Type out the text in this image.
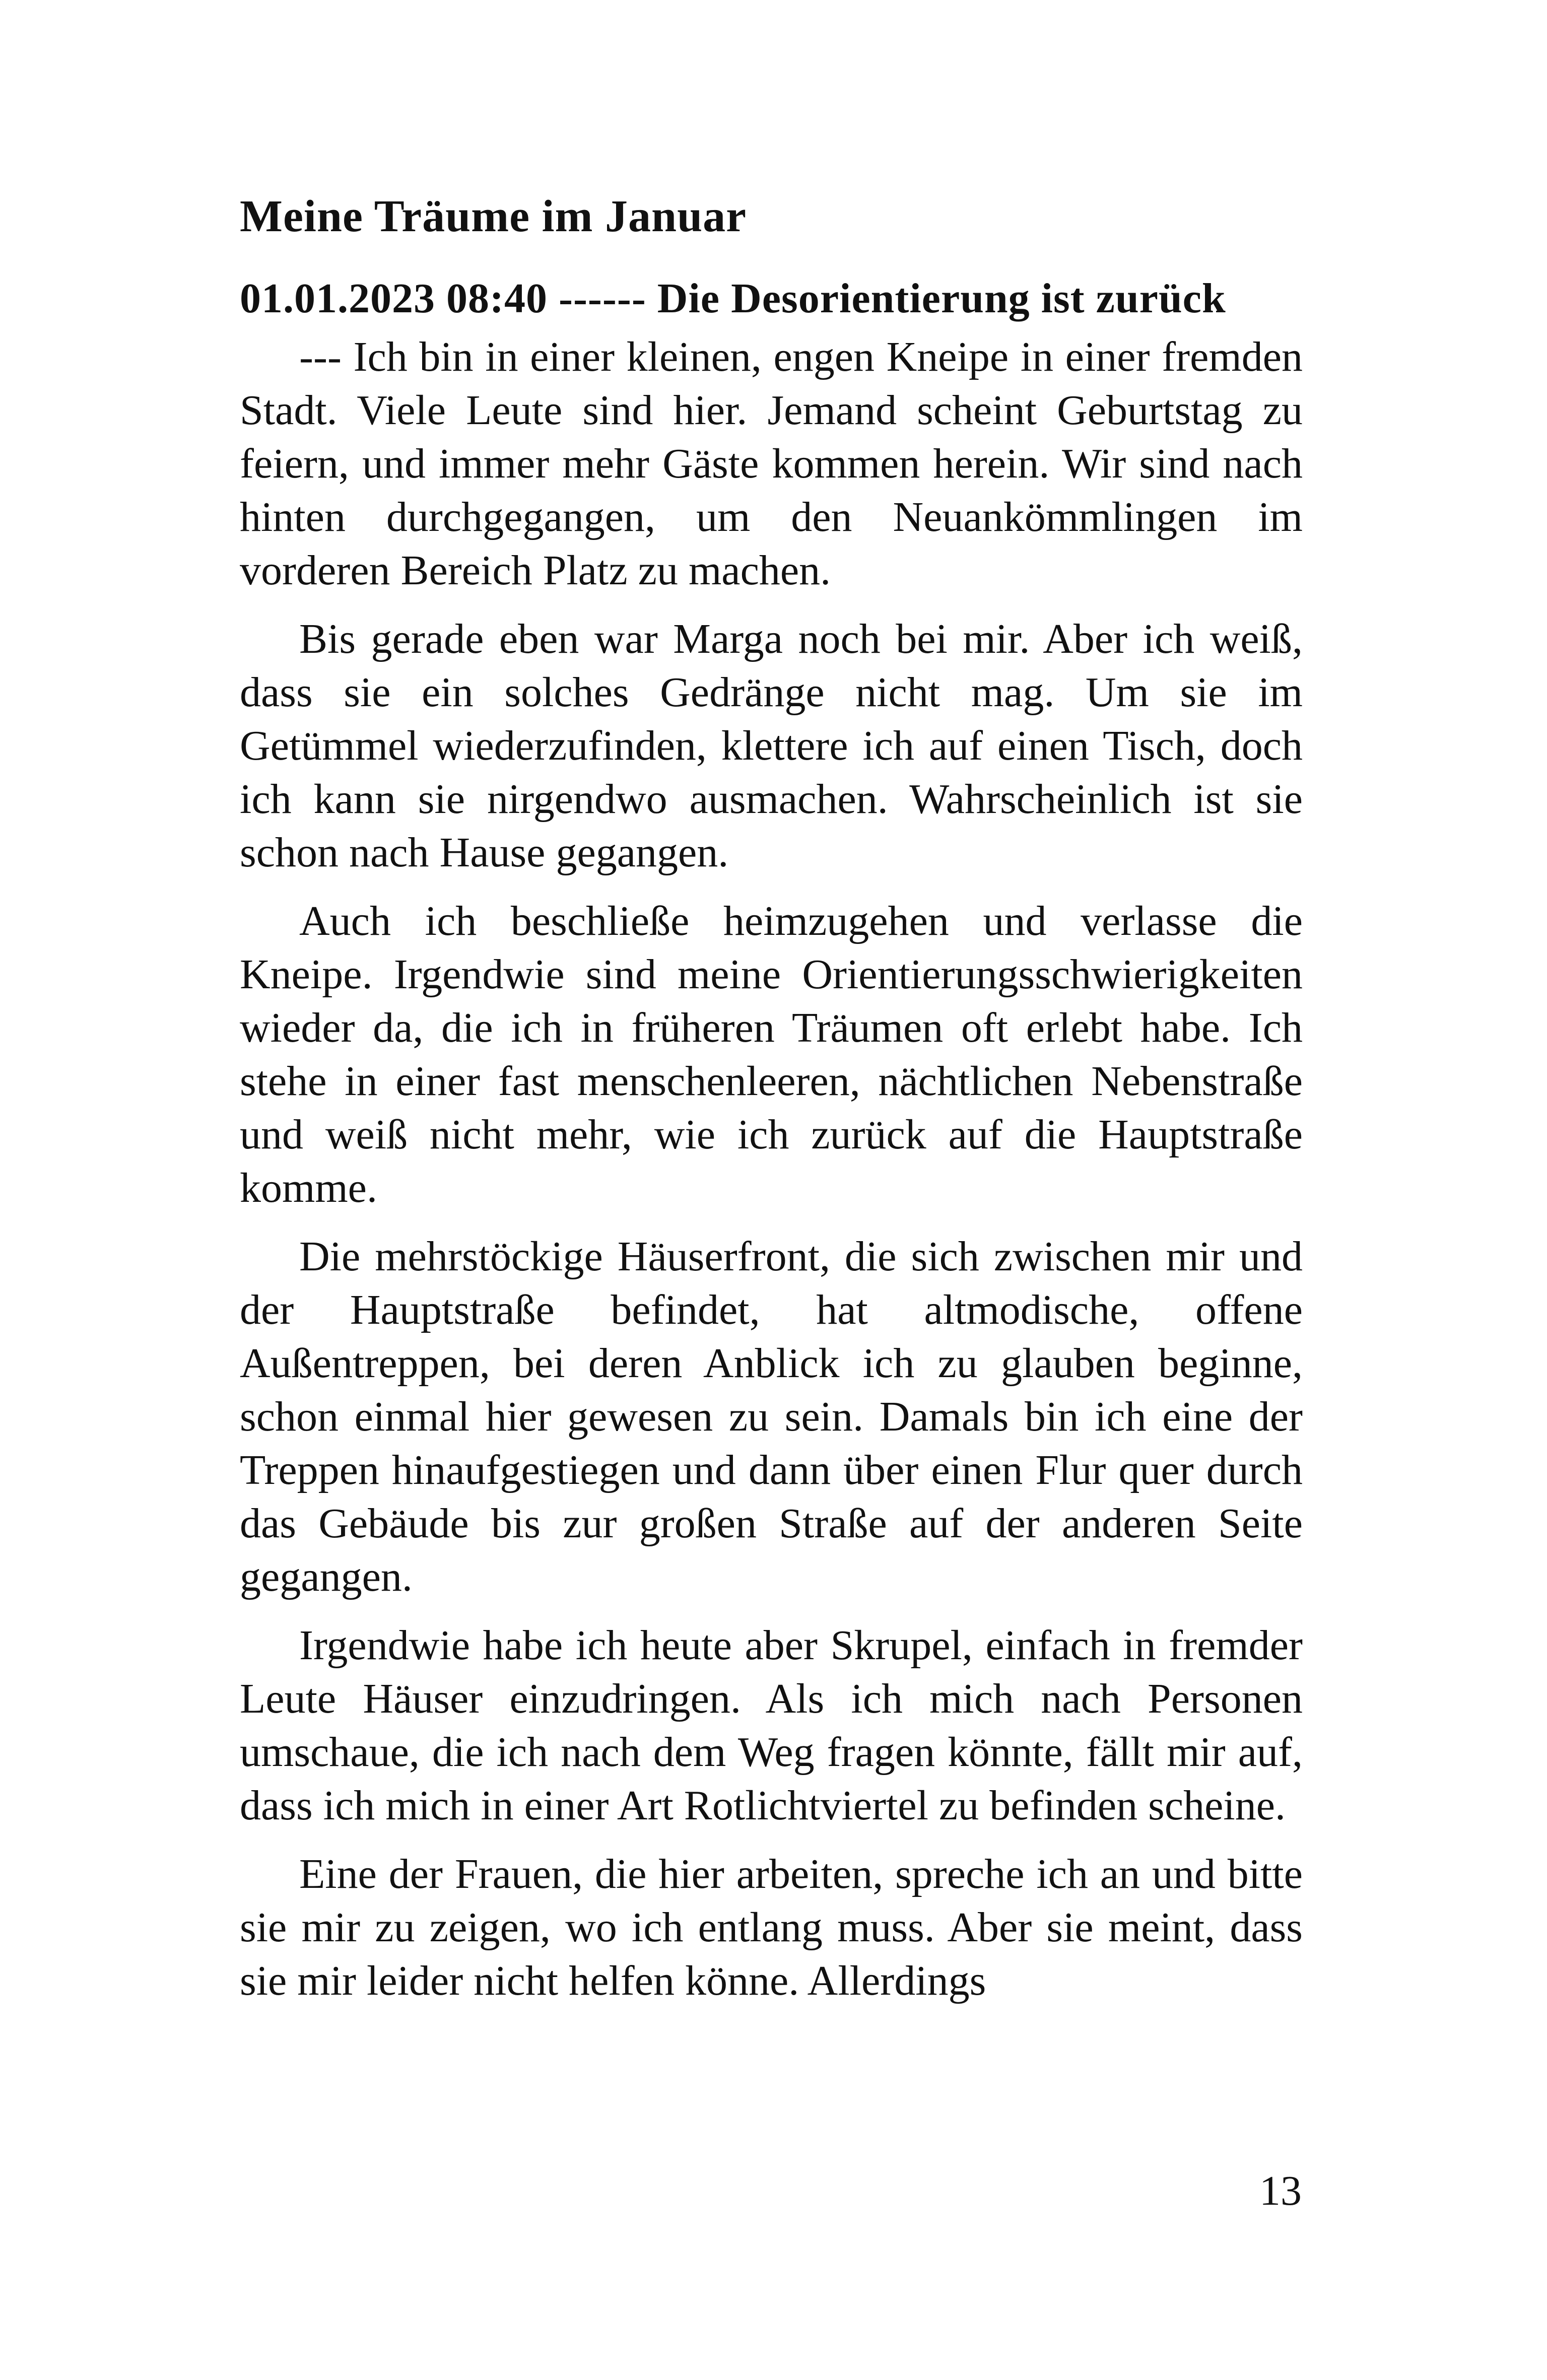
Meine Träume im Januar
01.01.2023 08:40 ------ Die Desorientierung ist zurück

--- Ich bin in einer kleinen, engen Kneipe in einer fremden Stadt. Viele Leute sind hier. Jemand scheint Geburtstag zu feiern, und immer mehr Gäste kommen herein. Wir sind nach hinten durchgegangen, um den Neuankömmlingen im vorderen Bereich Platz zu machen.

Bis gerade eben war Marga noch bei mir. Aber ich weiß, dass sie ein solches Gedränge nicht mag. Um sie im Getümmel wiederzufinden, klettere ich auf einen Tisch, doch ich kann sie nirgendwo ausmachen. Wahrscheinlich ist sie schon nach Hause gegangen.

Auch ich beschließe heimzugehen und verlasse die Kneipe. Irgendwie sind meine Orientierungsschwierigkeiten wieder da, die ich in früheren Träumen oft erlebt habe. Ich stehe in einer fast menschenleeren, nächtlichen Nebenstraße und weiß nicht mehr, wie ich zurück auf die Hauptstraße komme.

Die mehrstöckige Häuserfront, die sich zwischen mir und der Hauptstraße befindet, hat altmodische, offene Außentreppen, bei deren Anblick ich zu glauben beginne, schon einmal hier gewesen zu sein. Damals bin ich eine der Treppen hinaufgestiegen und dann über einen Flur quer durch das Gebäude bis zur großen Straße auf der anderen Seite gegangen.

Irgendwie habe ich heute aber Skrupel, einfach in fremder Leute Häuser einzudringen. Als ich mich nach Personen umschaue, die ich nach dem Weg fragen könnte, fällt mir auf, dass ich mich in einer Art Rotlichtviertel zu befinden scheine.

Eine der Frauen, die hier arbeiten, spreche ich an und bitte sie mir zu zeigen, wo ich entlang muss. Aber sie meint, dass sie mir leider nicht helfen könne. Allerdings

13
